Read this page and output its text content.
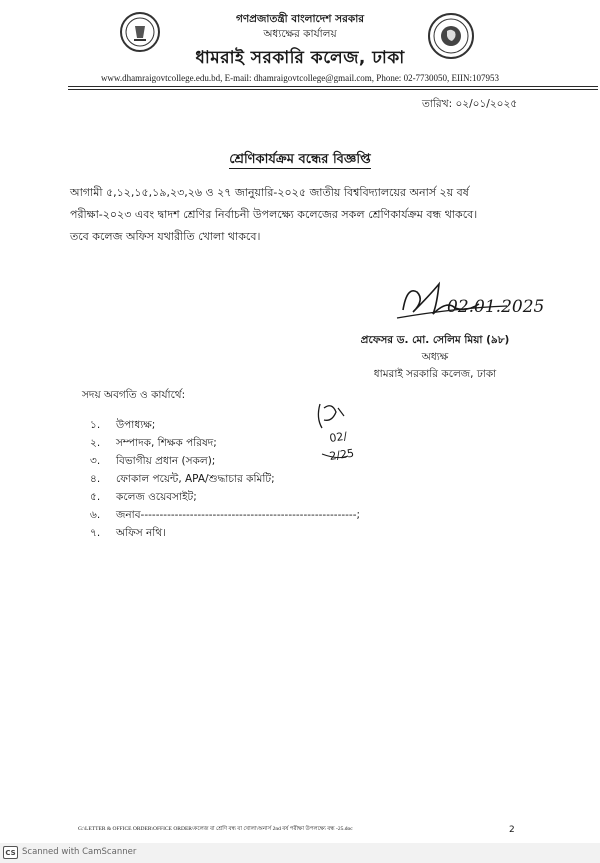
গণপ্রজাতন্ত্রী বাংলাদেশ সরকার
অধ্যক্ষের কার্যালয়
ধামরাই সরকারি কলেজ, ঢাকা
www.dhamraigovtcollege.edu.bd, E-mail: dhamraigovtcollege@gmail.com, Phone: 02-7730050, EIIN:107953
তারিখ: ০২/০১/২০২৫
শ্রেণিকার্যক্রম বন্ধের বিজ্ঞপ্তি
আগামী ৫,১২,১৫,১৯,২৩,২৬ ও ২৭ জানুয়ারি-২০২৫ জাতীয় বিশ্ববিদ্যালয়ের অনার্স ২য় বর্ষ
পরীক্ষা-২০২৩ এবং দ্বাদশ শ্রেণির নির্বাচনী উপলক্ষ্যে কলেজের সকল শ্রেণিকার্যক্রম বন্ধ থাকবে।
তবে কলেজ অফিস যথারীতি খোলা থাকবে।
02.01.2025
প্রফেসর ড. মো. সেলিম মিয়া (৯৮)
অধ্যক্ষ
ধামরাই সরকারি কলেজ, ঢাকা
সদয় অবগতি ও কার্যার্থে:
১. উপাধ্যক্ষ;
২. সম্পাদক, শিক্ষক পরিষদ;
৩. বিভাগীয় প্রধান (সকল);
৪. ফোকাল পয়েন্ট, APA/শুদ্ধাচার কমিটি;
৫. কলেজ ওয়েবসাইট;
৬. জনাব---------------------------------------------------------;
৭. অফিস নথি।
02/
2/25
G:\LETTER & OFFICE ORDER\OFFICE ORDER\কলেজ বা শ্রেণি বন্ধ বা খোলা\অনার্স 2nd বর্ষ পরীক্ষা উপলক্ষ্যে বন্ধ -25.doc	2
CS Scanned with CamScanner
